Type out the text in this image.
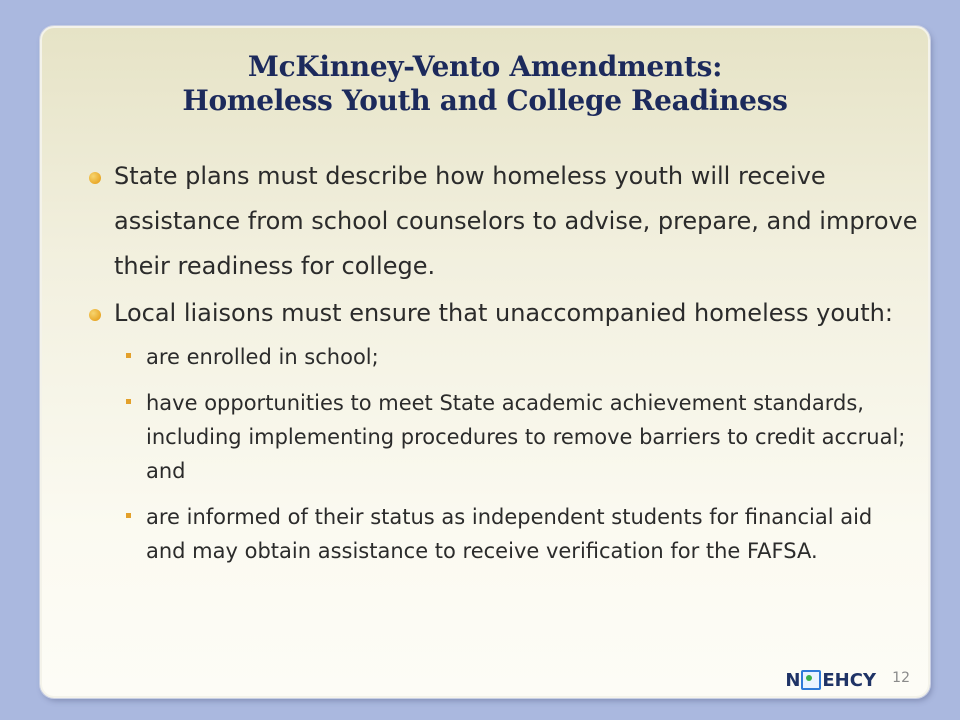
McKinney-Vento Amendments:
Homeless Youth and College Readiness
State plans must describe how homeless youth will receive assistance from school counselors to advise, prepare, and improve their readiness for college.
Local liaisons must ensure that unaccompanied homeless youth:
are enrolled in school;
have opportunities to meet State academic achievement standards, including implementing procedures to remove barriers to credit accrual; and
are informed of their status as independent students for financial aid and may obtain assistance to receive verification for the FAFSA.
N EHCY 12
